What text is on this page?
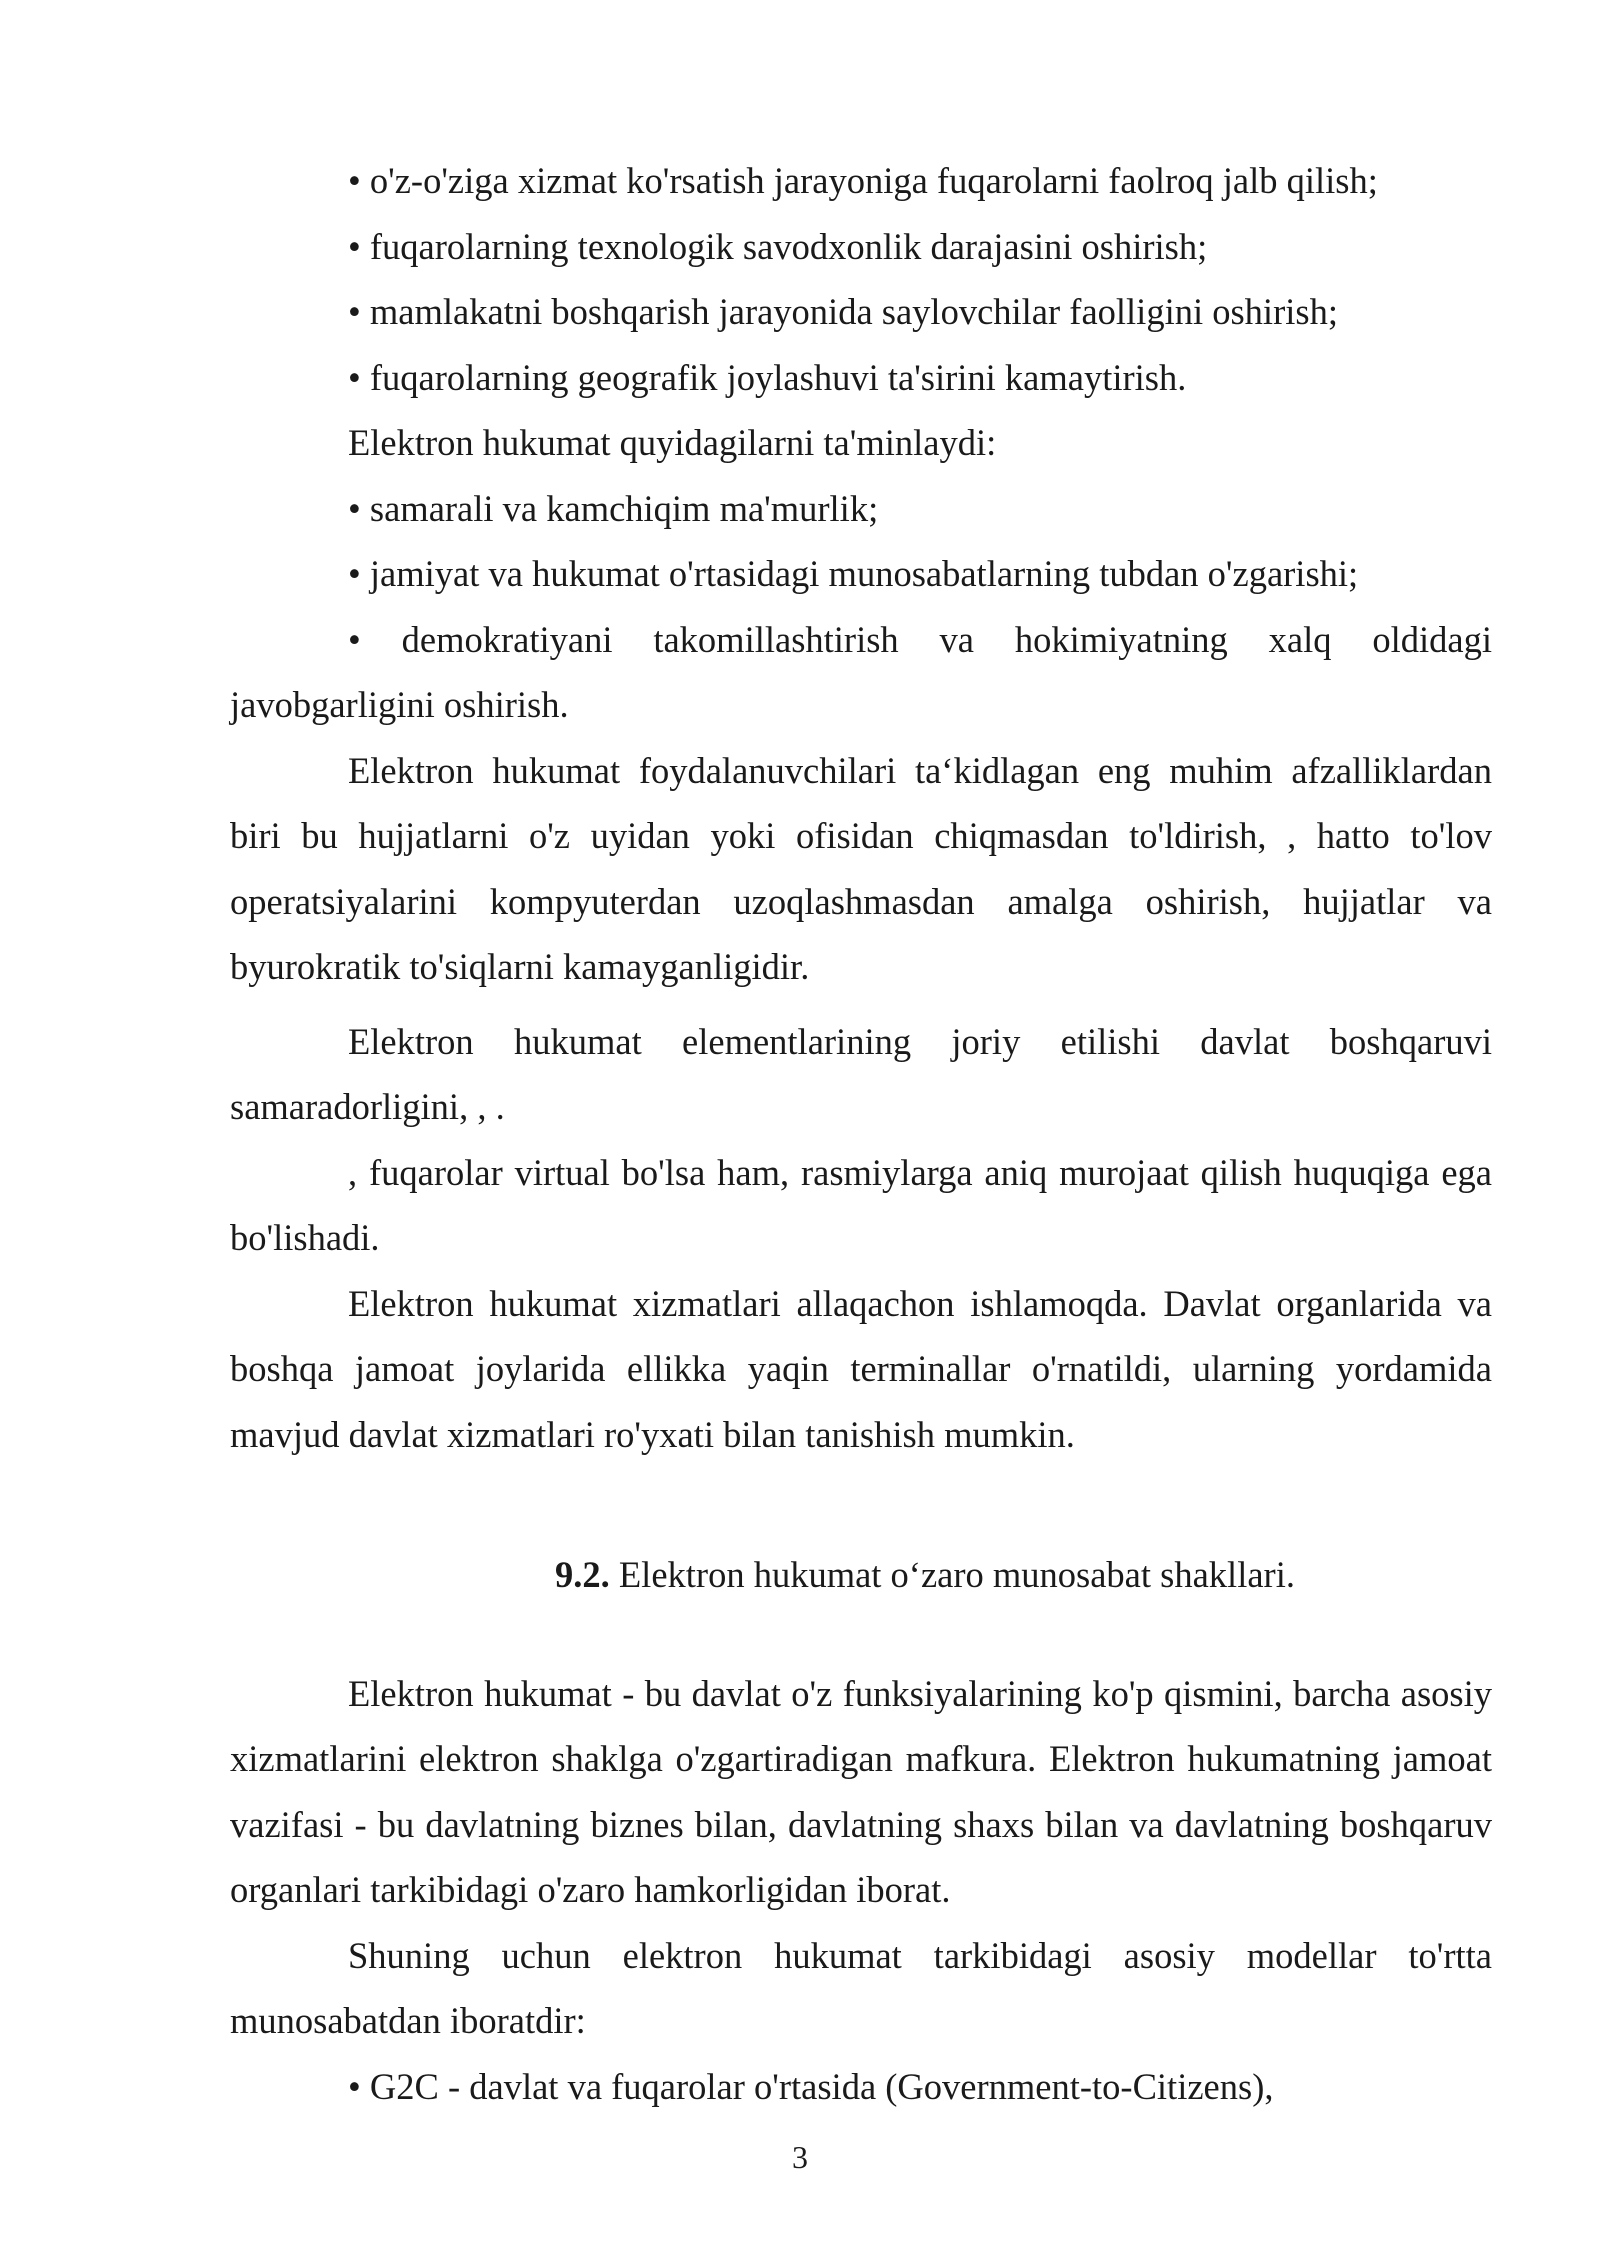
• o'z-o'ziga xizmat ko'rsatish jarayoniga fuqarolarni faolroq jalb qilish;

• fuqarolarning texnologik savodxonlik darajasini oshirish;

• mamlakatni boshqarish jarayonida saylovchilar faolligini oshirish;

• fuqarolarning geografik joylashuvi ta'sirini kamaytirish.

Elektron hukumat quyidagilarni ta'minlaydi:

• samarali va kamchiqim ma'murlik;

• jamiyat va hukumat o'rtasidagi munosabatlarning tubdan o'zgarishi;

• demokratiyani takomillashtirish va hokimiyatning xalq oldidagi javobgarligini oshirish.

Elektron hukumat foydalanuvchilari ta‘kidlagan eng muhim afzalliklardan biri bu hujjatlarni o'z uyidan yoki ofisidan chiqmasdan to'ldirish, , hatto to'lov operatsiyalarini kompyuterdan uzoqlashmasdan amalga oshirish, hujjatlar va byurokratik to'siqlarni kamayganligidir.

Elektron hukumat elementlarining joriy etilishi davlat boshqaruvi samaradorligini, , .

, fuqarolar virtual bo'lsa ham, rasmiylarga aniq murojaat qilish huquqiga ega bo'lishadi.

Elektron hukumat xizmatlari allaqachon ishlamoqda. Davlat organlarida va boshqa jamoat joylarida ellikka yaqin terminallar o'rnatildi, ularning yordamida mavjud davlat xizmatlari ro'yxati bilan tanishish mumkin.

9.2. Elektron hukumat o‘zaro munosabat shakllari.

Elektron hukumat - bu davlat o'z funksiyalarining ko'p qismini, barcha asosiy xizmatlarini elektron shaklga o'zgartiradigan mafkura. Elektron hukumatning jamoat vazifasi - bu davlatning biznes bilan, davlatning shaxs bilan va davlatning boshqaruv organlari tarkibidagi o'zaro hamkorligidan iborat.

Shuning uchun elektron hukumat tarkibidagi asosiy modellar to'rtta munosabatdan iboratdir:

• G2C - davlat va fuqarolar o'rtasida (Government-to-Citizens),

3
